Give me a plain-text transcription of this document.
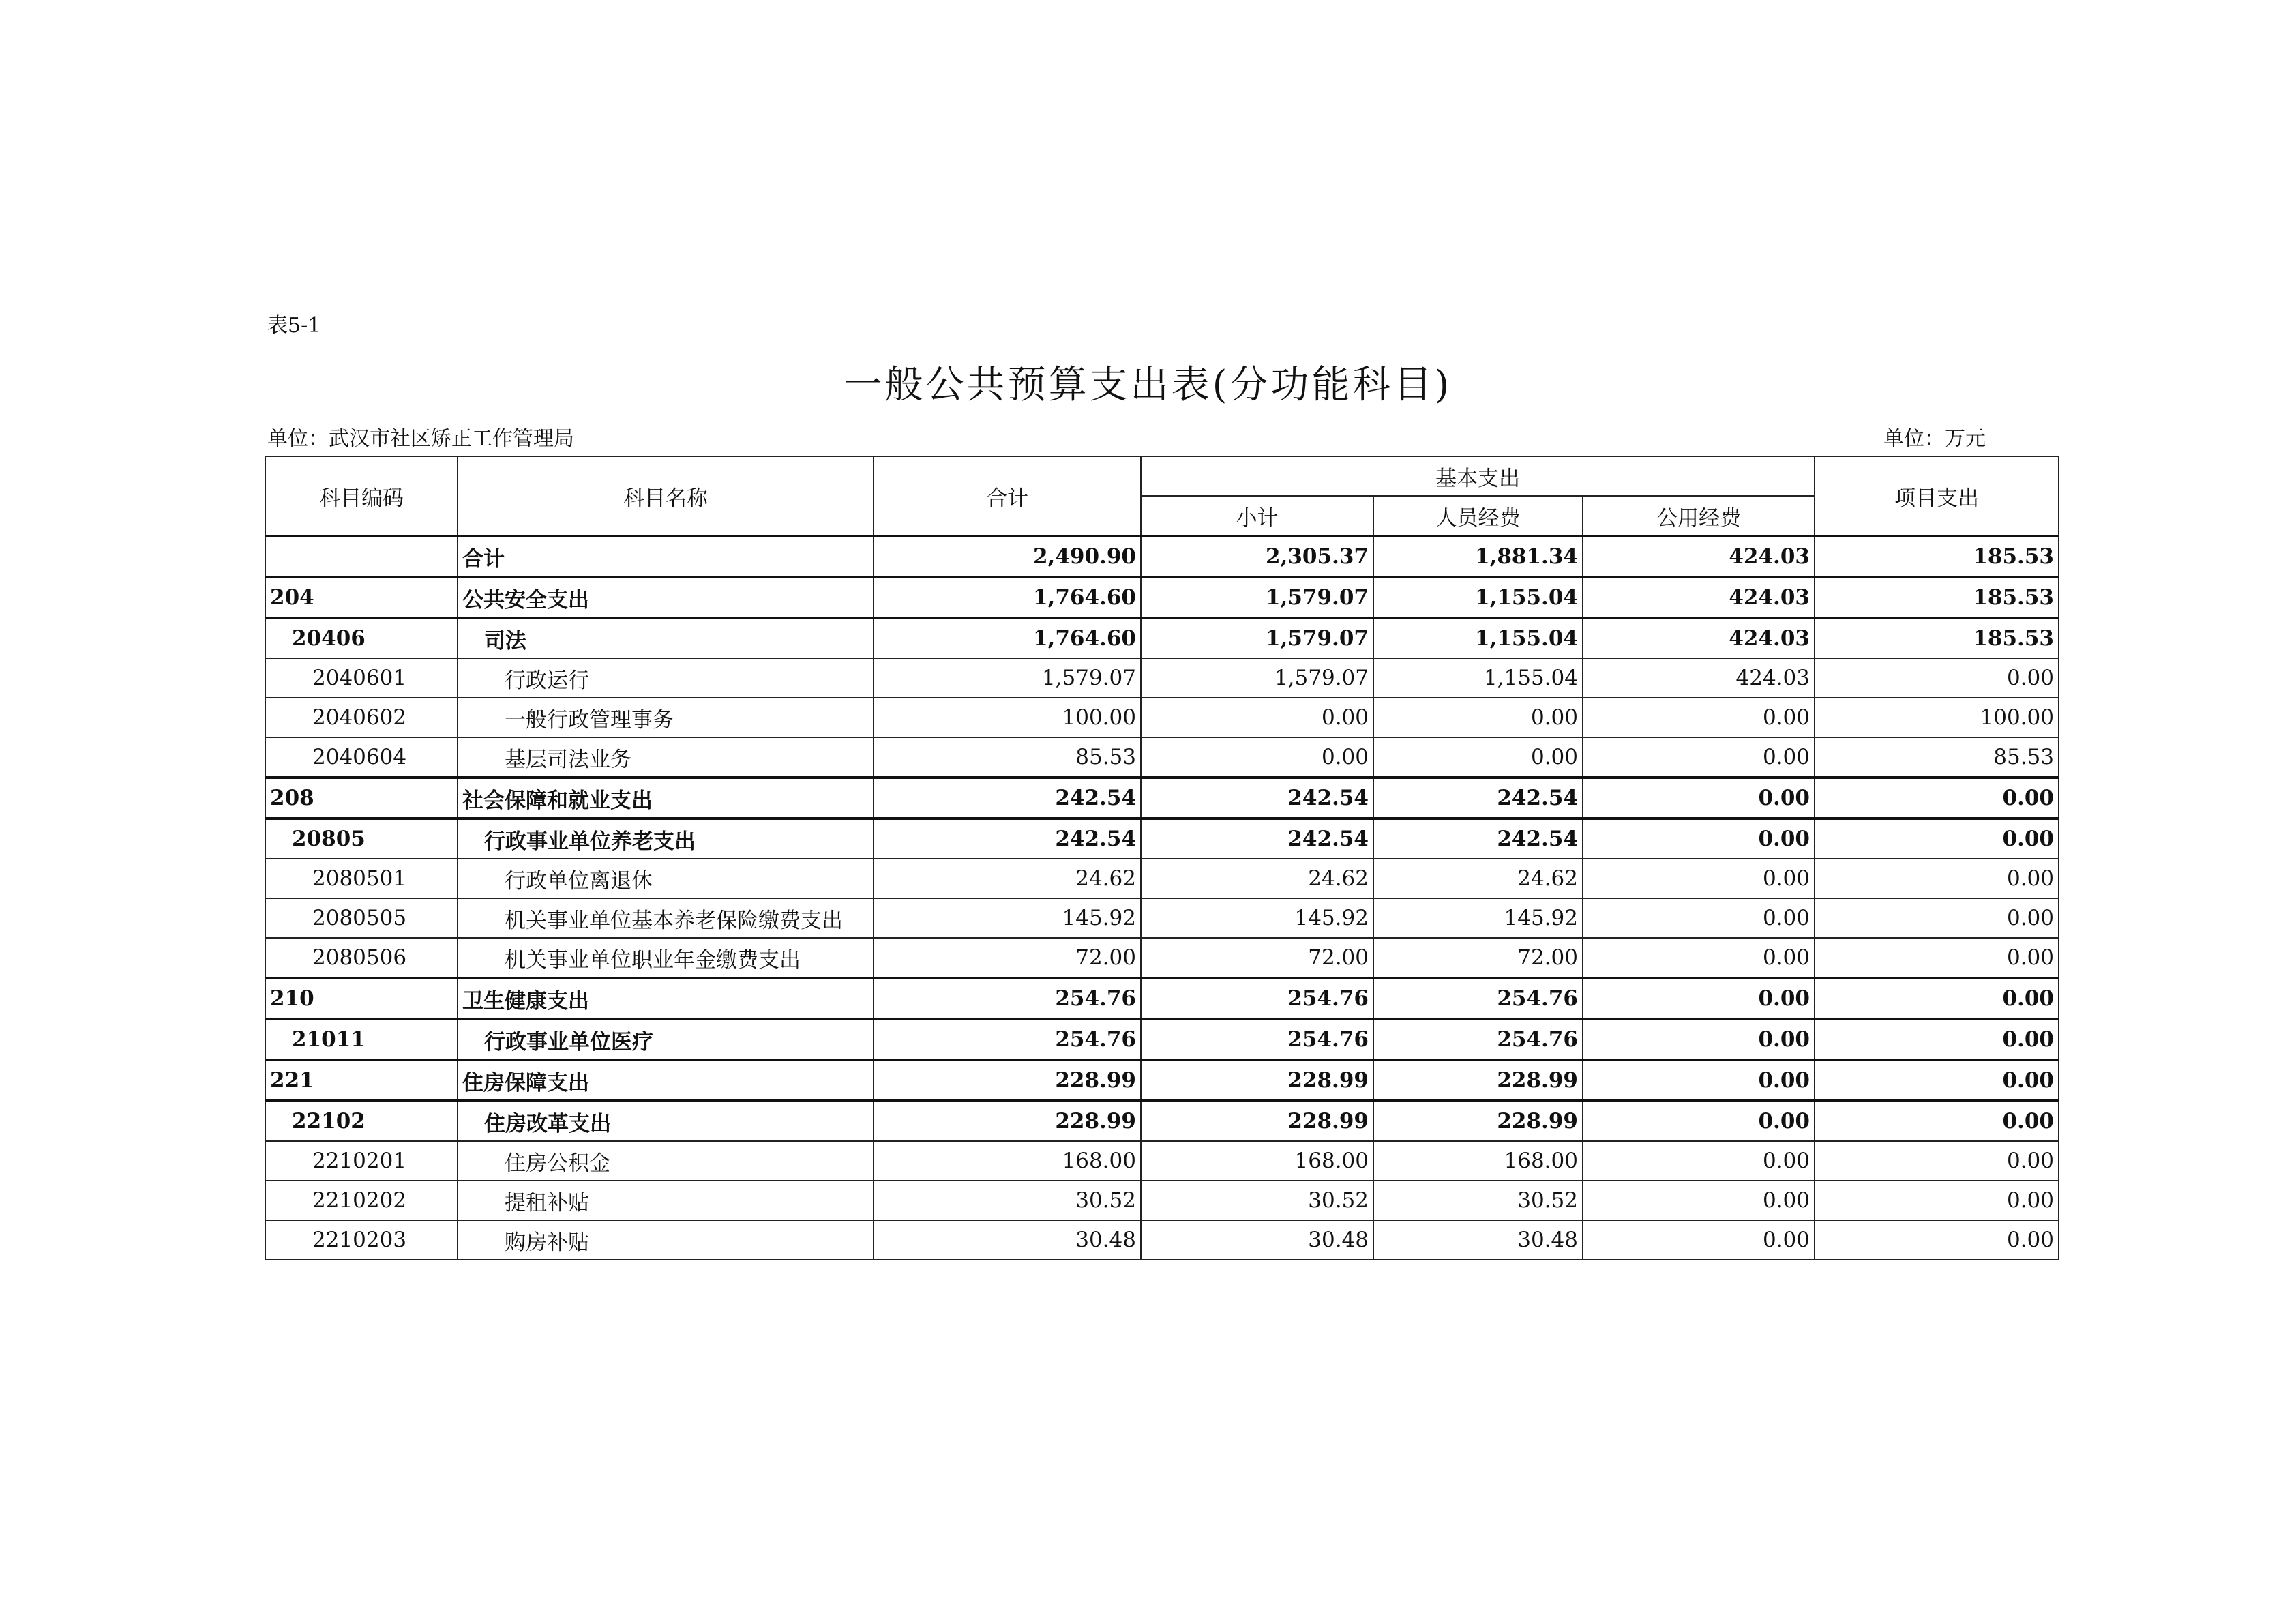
表5-1
一般公共预算支出表(分功能科目)
单位：武汉市社区矫正工作管理局	单位：万元
科目编码	科目名称	合计	基本支出			项目支出
			小计	人员经费	公用经费	
	合计	2,490.90	2,305.37	1,881.34	424.03	185.53
204	公共安全支出	1,764.60	1,579.07	1,155.04	424.03	185.53
20406	司法	1,764.60	1,579.07	1,155.04	424.03	185.53
2040601	行政运行	1,579.07	1,579.07	1,155.04	424.03	0.00
2040602	一般行政管理事务	100.00	0.00	0.00	0.00	100.00
2040604	基层司法业务	85.53	0.00	0.00	0.00	85.53
208	社会保障和就业支出	242.54	242.54	242.54	0.00	0.00
20805	行政事业单位养老支出	242.54	242.54	242.54	0.00	0.00
2080501	行政单位离退休	24.62	24.62	24.62	0.00	0.00
2080505	机关事业单位基本养老保险缴费支出	145.92	145.92	145.92	0.00	0.00
2080506	机关事业单位职业年金缴费支出	72.00	72.00	72.00	0.00	0.00
210	卫生健康支出	254.76	254.76	254.76	0.00	0.00
21011	行政事业单位医疗	254.76	254.76	254.76	0.00	0.00
221	住房保障支出	228.99	228.99	228.99	0.00	0.00
22102	住房改革支出	228.99	228.99	228.99	0.00	0.00
2210201	住房公积金	168.00	168.00	168.00	0.00	0.00
2210202	提租补贴	30.52	30.52	30.52	0.00	0.00
2210203	购房补贴	30.48	30.48	30.48	0.00	0.00
